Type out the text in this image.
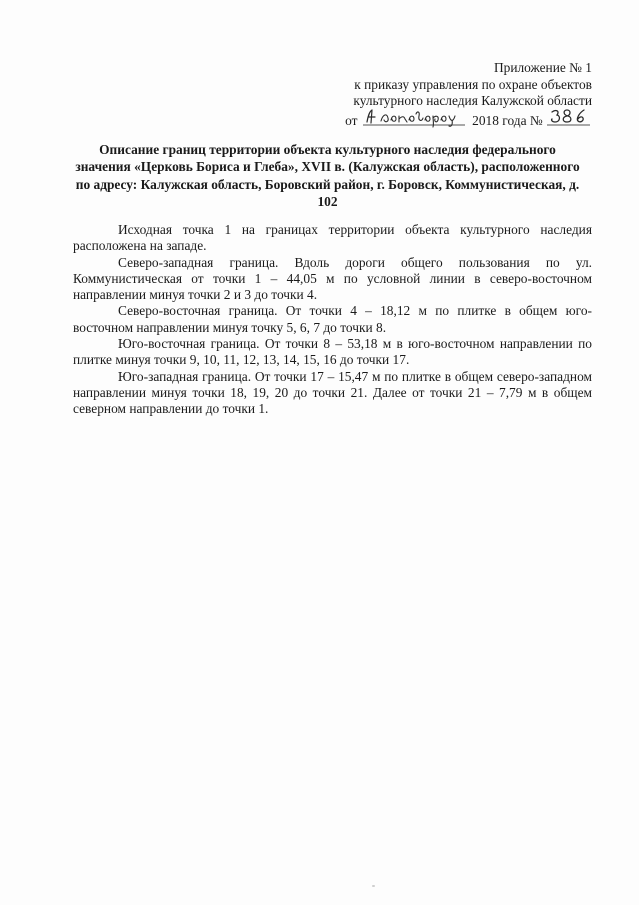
Приложение № 1
к приказу управления по охране объектов
культурного наследия Калужской области
от	2018 года №
Описание границ территории объекта культурного наследия федерального значения «Церковь Бориса и Глеба», XVII в. (Калужская область), расположенного по адресу: Калужская область, Боровский район, г. Боровск, Коммунистическая, д. 102

Исходная точка 1 на границах территории объекта культурного наследия расположена на западе.

Северо-западная граница. Вдоль дороги общего пользования по ул. Коммунистическая от точки 1 – 44,05 м по условной линии в северо-восточном направлении минуя точки 2 и 3 до точки 4.

Северо-восточная граница. От точки 4 – 18,12 м по плитке в общем юго-восточном направлении минуя точку 5, 6, 7 до точки 8.

Юго-восточная граница. От точки 8 – 53,18 м в юго-восточном направлении по плитке минуя точки 9, 10, 11, 12, 13, 14, 15, 16 до точки 17.

Юго-западная граница. От точки 17 – 15,47 м по плитке в общем северо-западном направлении минуя точки 18, 19, 20 до точки 21. Далее от точки 21 – 7,79 м в общем северном направлении до точки 1.
